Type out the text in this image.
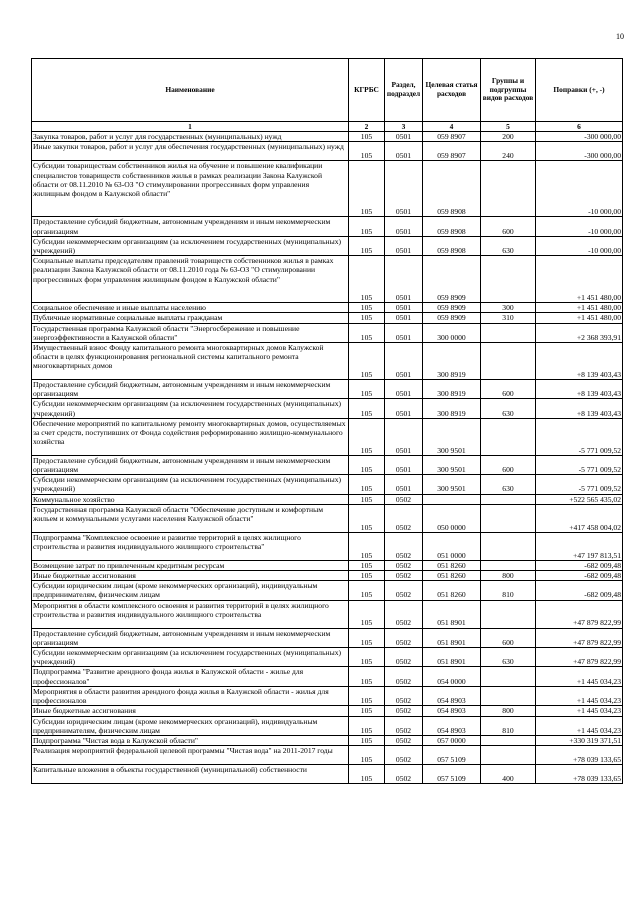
10
Наименование	КГРБС	Раздел, подраздел	Целевая статья расходов	Группы и подгруппы видов расходов	Поправки (+, -)
1	2	3	4	5	6
Закупка товаров, работ и услуг для государственных (муниципальных) нужд	105	0501	059 8907	200	-300 000,00
Иные закупки товаров, работ и услуг для обеспечения государственных (муниципальных) нужд	105	0501	059 8907	240	-300 000,00
Субсидии товариществам собственников жилья на обучение и повышение квалификации специалистов товариществ собственников жилья в рамках реализации Закона Калужской области от 08.11.2010 № 63-ОЗ "О стимулировании прогрессивных форм управления жилищным фондом в Калужской области"	105	0501	059 8908		-10 000,00
Предоставление субсидий бюджетным, автономным учреждениям и иным некоммерческим организациям	105	0501	059 8908	600	-10 000,00
Субсидии некоммерческим организациям (за исключением государственных (муниципальных) учреждений)	105	0501	059 8908	630	-10 000,00
Социальные выплаты председателям правлений товариществ собственников жилья в рамках реализации Закона Калужской области от 08.11.2010 года № 63-ОЗ "О стимулировании прогрессивных форм управления жилищным фондом в Калужской области"	105	0501	059 8909		+1 451 480,00
Социальное обеспечение и иные выплаты населению	105	0501	059 8909	300	+1 451 480,00
Публичные нормативные социальные выплаты гражданам	105	0501	059 8909	310	+1 451 480,00
Государственная программа Калужской области "Энергосбережение и повышение энергоэффективности в Калужской области"	105	0501	300 0000		+2 368 393,91
Имущественный взнос Фонду капитального ремонта многоквартирных домов Калужской области в целях функционирования региональной системы капитального ремонта многоквартирных домов	105	0501	300 8919		+8 139 403,43
Предоставление субсидий бюджетным, автономным учреждениям и иным некоммерческим организациям	105	0501	300 8919	600	+8 139 403,43
Субсидии некоммерческим организациям (за исключением государственных (муниципальных) учреждений)	105	0501	300 8919	630	+8 139 403,43
Обеспечение мероприятий по капитальному ремонту многоквартирных домов, осуществляемых за счет средств, поступивших от Фонда содействия реформированию жилищно-коммунального хозяйства	105	0501	300 9501		-5 771 009,52
Предоставление субсидий бюджетным, автономным учреждениям и иным некоммерческим организациям	105	0501	300 9501	600	-5 771 009,52
Субсидии некоммерческим организациям (за исключением государственных (муниципальных) учреждений)	105	0501	300 9501	630	-5 771 009,52
Коммунальное хозяйство	105	0502			+522 565 435,02
Государственная программа Калужской области "Обеспечение доступным и комфортным жильем и коммунальными услугами населения Калужской области"	105	0502	050 0000		+417 458 004,02
Подпрограмма "Комплексное освоение и развитие территорий в целях жилищного строительства и развития индивидуального жилищного строительства"	105	0502	051 0000		+47 197 813,51
Возмещение затрат по привлеченным кредитным ресурсам	105	0502	051 8260		-682 009,48
Иные бюджетные ассигнования	105	0502	051 8260	800	-682 009,48
Субсидии юридическим лицам (кроме некоммерческих организаций), индивидуальным предпринимателям, физическим лицам	105	0502	051 8260	810	-682 009,48
Мероприятия в области комплексного освоения и развития территорий в целях жилищного строительства и развития индивидуального жилищного строительства	105	0502	051 8901		+47 879 822,99
Предоставление субсидий бюджетным, автономным учреждениям и иным некоммерческим организациям	105	0502	051 8901	600	+47 879 822,99
Субсидии некоммерческим организациям (за исключением государственных (муниципальных) учреждений)	105	0502	051 8901	630	+47 879 822,99
Подпрограмма "Развитие арендного фонда жилья в Калужской области - жилье для профессионалов"	105	0502	054 0000		+1 445 034,23
Мероприятия в области развития арендного фонда жилья в Калужской области - жилья для профессионалов	105	0502	054 8903		+1 445 034,23
Иные бюджетные ассигнования	105	0502	054 8903	800	+1 445 034,23
Субсидии юридическим лицам (кроме некоммерческих организаций), индивидуальным предпринимателям, физическим лицам	105	0502	054 8903	810	+1 445 034,23
Подпрограмма "Чистая вода в Калужской области"	105	0502	057 0000		+330 319 371,51
Реализация мероприятий федеральной целевой программы "Чистая вода" на 2011-2017 годы	105	0502	057 5109		+78 039 133,65
Капитальные вложения в объекты государственной (муниципальной) собственности	105	0502	057 5109	400	+78 039 133,65
